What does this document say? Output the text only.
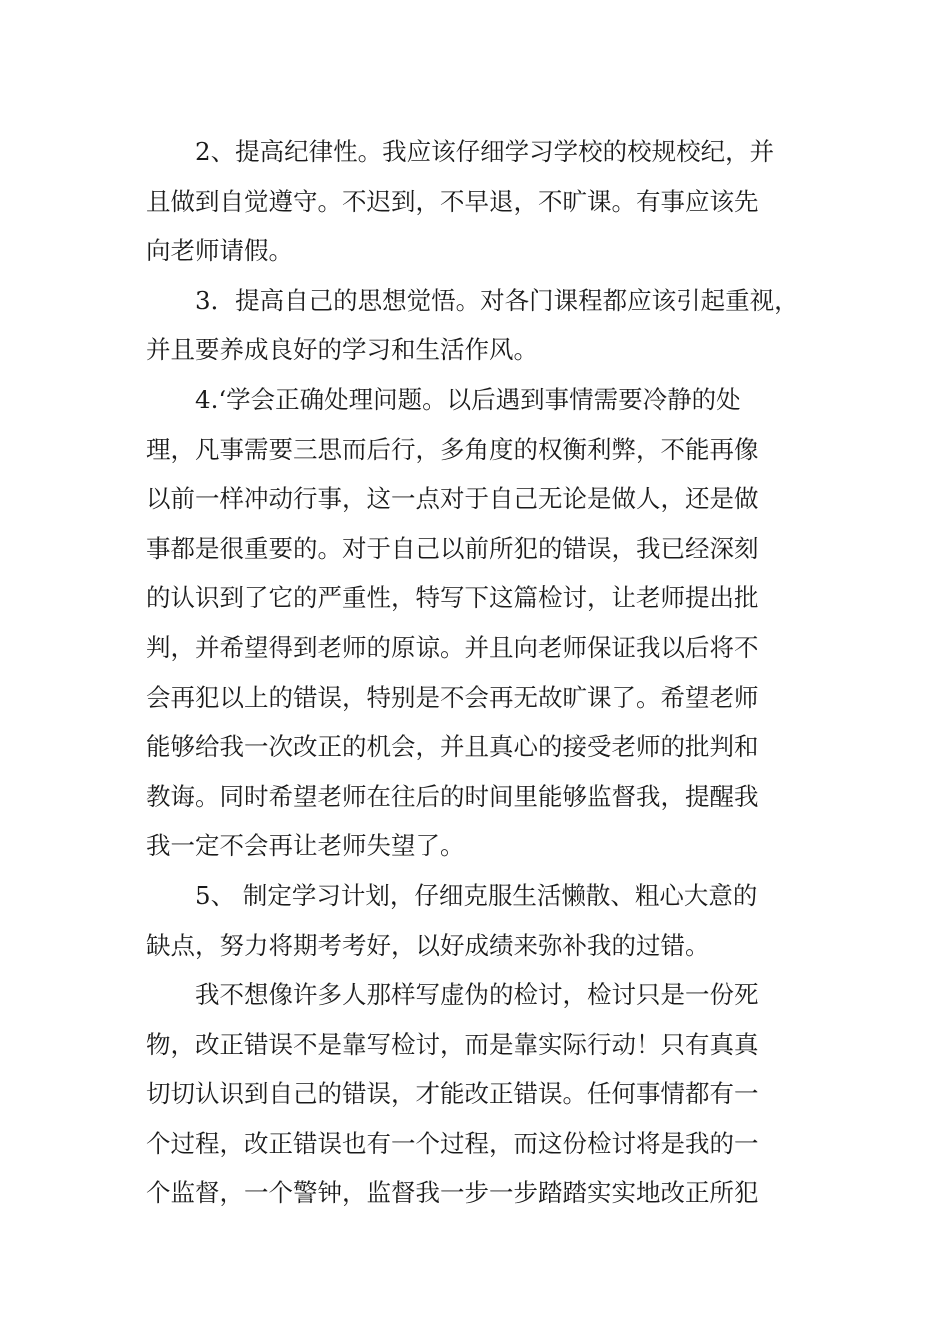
2、提高纪律性。我应该仔细学习学校的校规校纪，并
且做到自觉遵守。不迟到，不早退，不旷课。有事应该先
向老师请假。
3．提高自己的思想觉悟。对各门课程都应该引起重视，
并且要养成良好的学习和生活作风。
4.‘学会正确处理问题。以后遇到事情需要冷静的处
理，凡事需要三思而后行，多角度的权衡利弊，不能再像
以前一样冲动行事，这一点对于自己无论是做人，还是做
事都是很重要的。对于自己以前所犯的错误，我已经深刻
的认识到了它的严重性，特写下这篇检讨，让老师提出批
判，并希望得到老师的原谅。并且向老师保证我以后将不
会再犯以上的错误，特别是不会再无故旷课了。希望老师
能够给我一次改正的机会，并且真心的接受老师的批判和
教诲。同时希望老师在往后的时间里能够监督我，提醒我
我一定不会再让老师失望了。
5、 制定学习计划，仔细克服生活懒散、粗心大意的
缺点，努力将期考考好，以好成绩来弥补我的过错。
我不想像许多人那样写虚伪的检讨，检讨只是一份死
物，改正错误不是靠写检讨，而是靠实际行动！只有真真
切切认识到自己的错误，才能改正错误。任何事情都有一
个过程，改正错误也有一个过程，而这份检讨将是我的一
个监督，一个警钟，监督我一步一步踏踏实实地改正所犯
